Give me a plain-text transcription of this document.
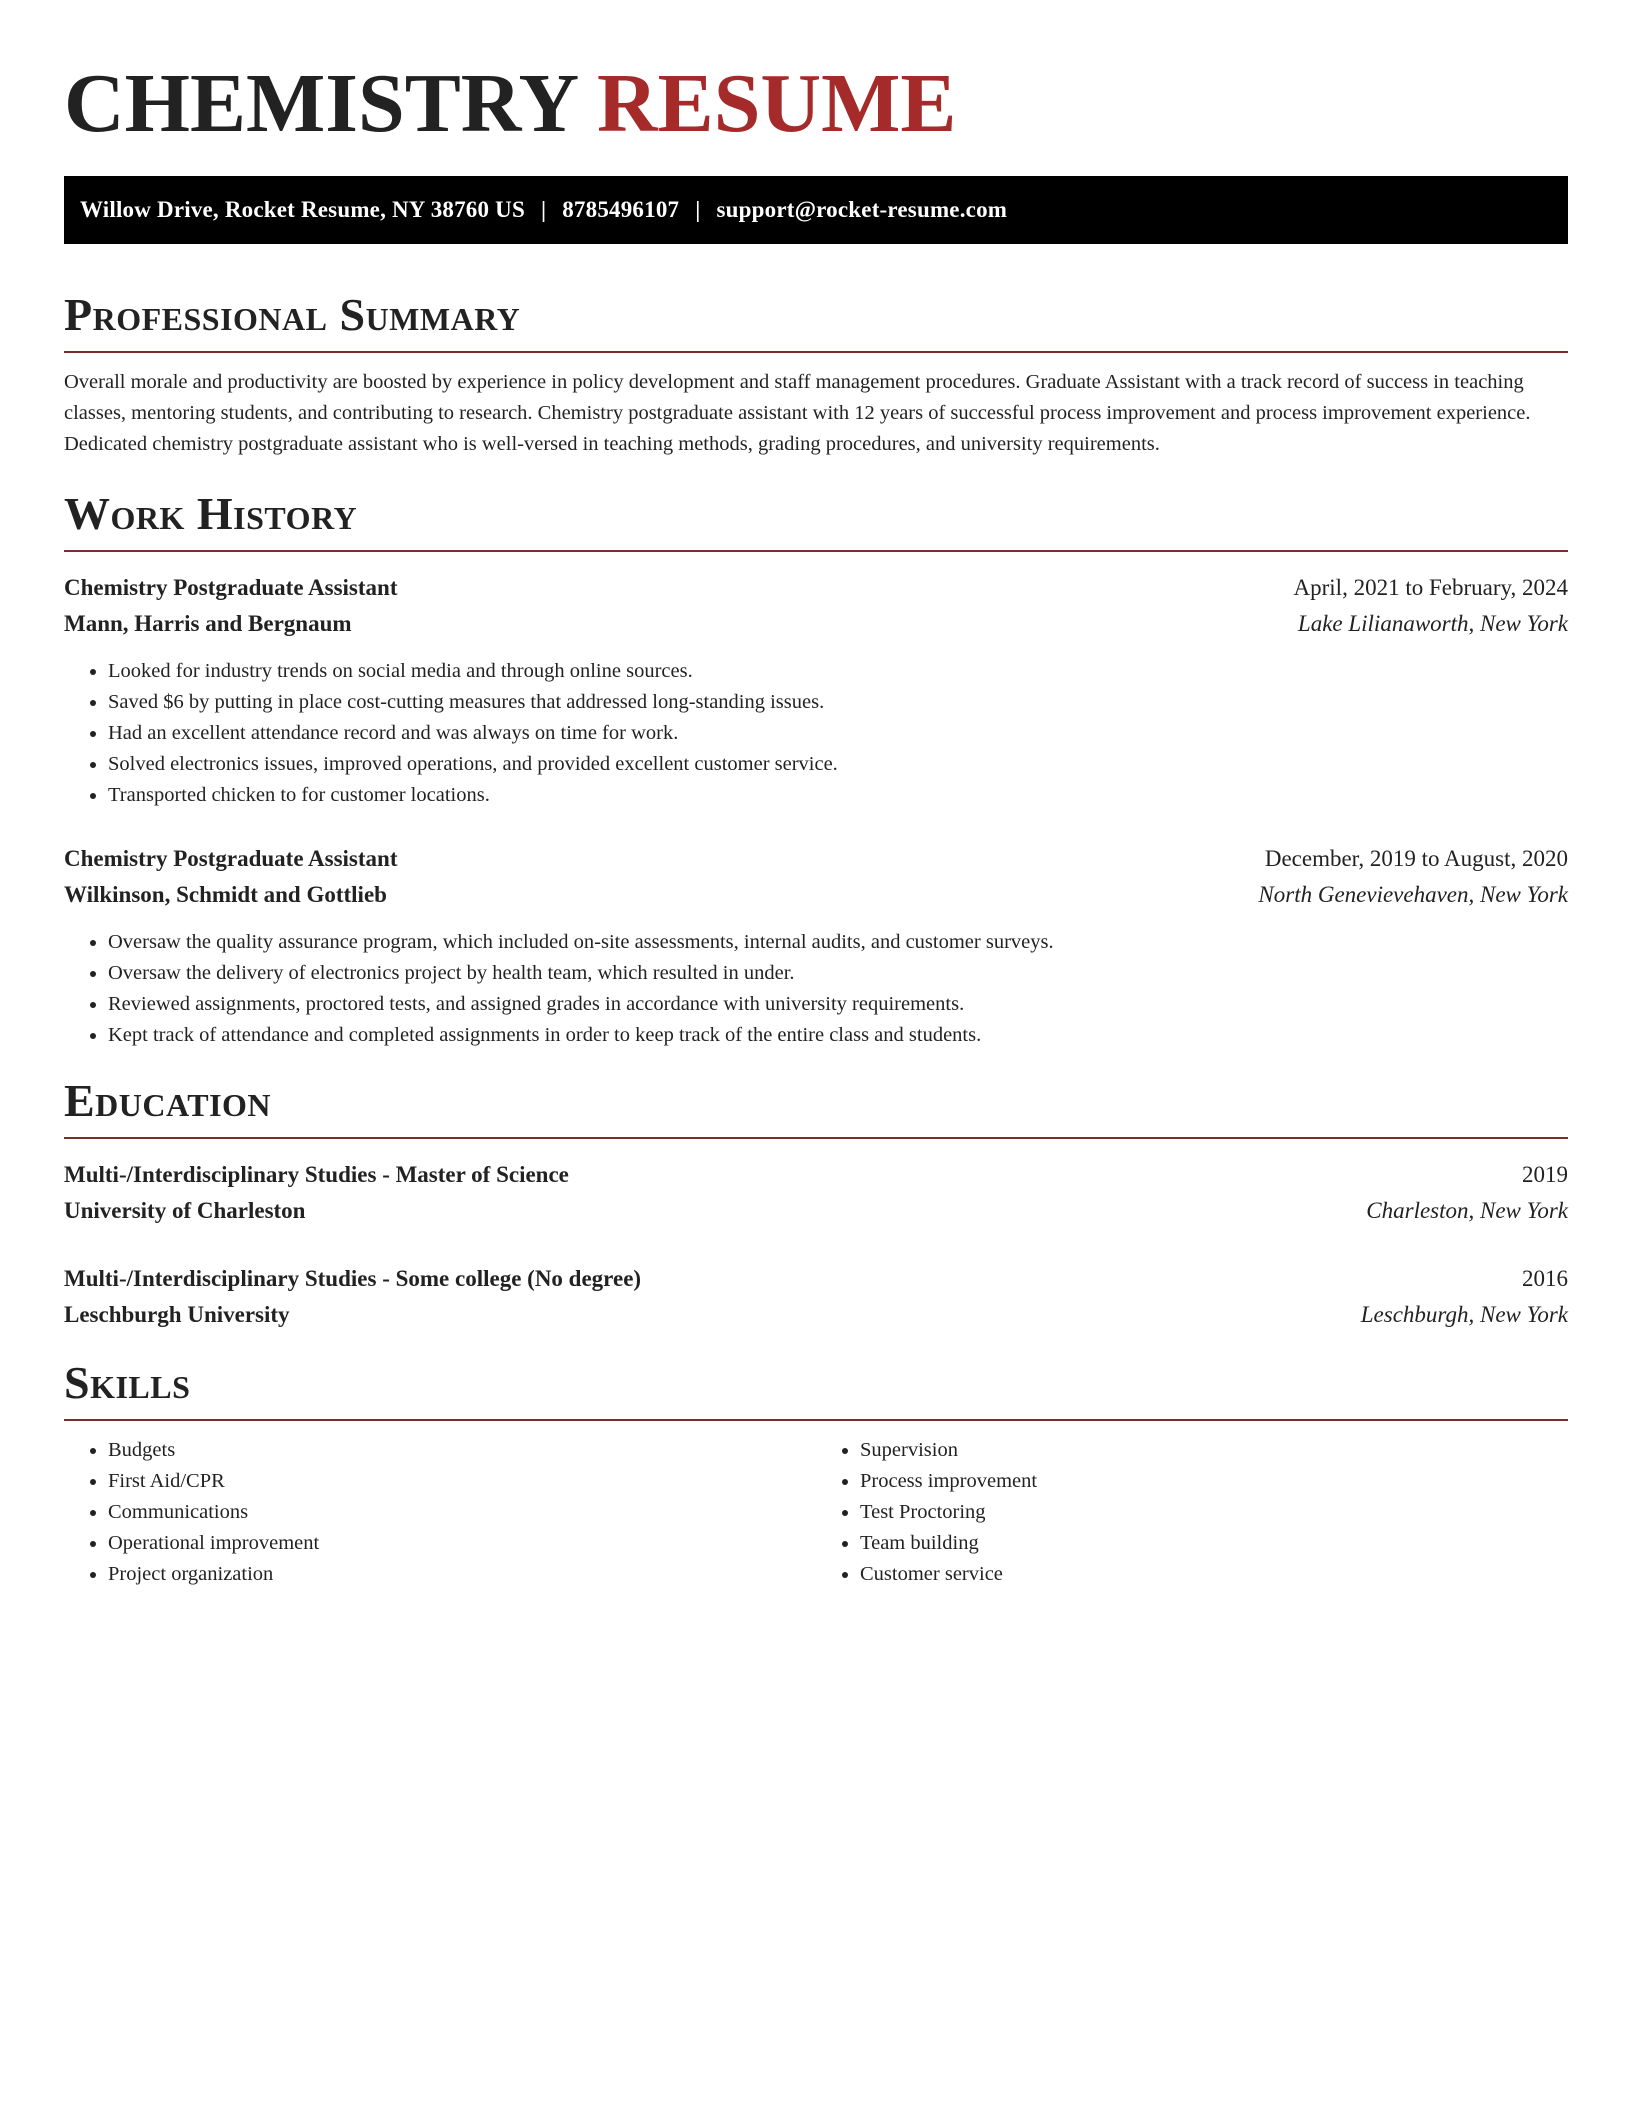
CHEMISTRY RESUME
Willow Drive, Rocket Resume, NY 38760 US | 8785496107 | support@rocket-resume.com
Professional Summary

Overall morale and productivity are boosted by experience in policy development and staff management procedures. Graduate Assistant with a track record of success in teaching classes, mentoring students, and contributing to research. Chemistry postgraduate assistant with 12 years of successful process improvement and process improvement experience. Dedicated chemistry postgraduate assistant who is well-versed in teaching methods, grading procedures, and university requirements.

Work History
Chemistry Postgraduate Assistant	April, 2021 to February, 2024
Mann, Harris and Bergnaum	Lake Lilianaworth, New York
• Looked for industry trends on social media and through online sources.
• Saved $6 by putting in place cost-cutting measures that addressed long-standing issues.
• Had an excellent attendance record and was always on time for work.
• Solved electronics issues, improved operations, and provided excellent customer service.
• Transported chicken to for customer locations.
Chemistry Postgraduate Assistant	December, 2019 to August, 2020
Wilkinson, Schmidt and Gottlieb	North Genevievehaven, New York
• Oversaw the quality assurance program, which included on-site assessments, internal audits, and customer surveys.
• Oversaw the delivery of electronics project by health team, which resulted in under.
• Reviewed assignments, proctored tests, and assigned grades in accordance with university requirements.
• Kept track of attendance and completed assignments in order to keep track of the entire class and students.
Education
Multi-/Interdisciplinary Studies - Master of Science	2019
University of Charleston	Charleston, New York
Multi-/Interdisciplinary Studies - Some college (No degree)	2016
Leschburgh University	Leschburgh, New York
Skills
• Budgets
• First Aid/CPR
• Communications
• Operational improvement
• Project organization
• Supervision
• Process improvement
• Test Proctoring
• Team building
• Customer service
